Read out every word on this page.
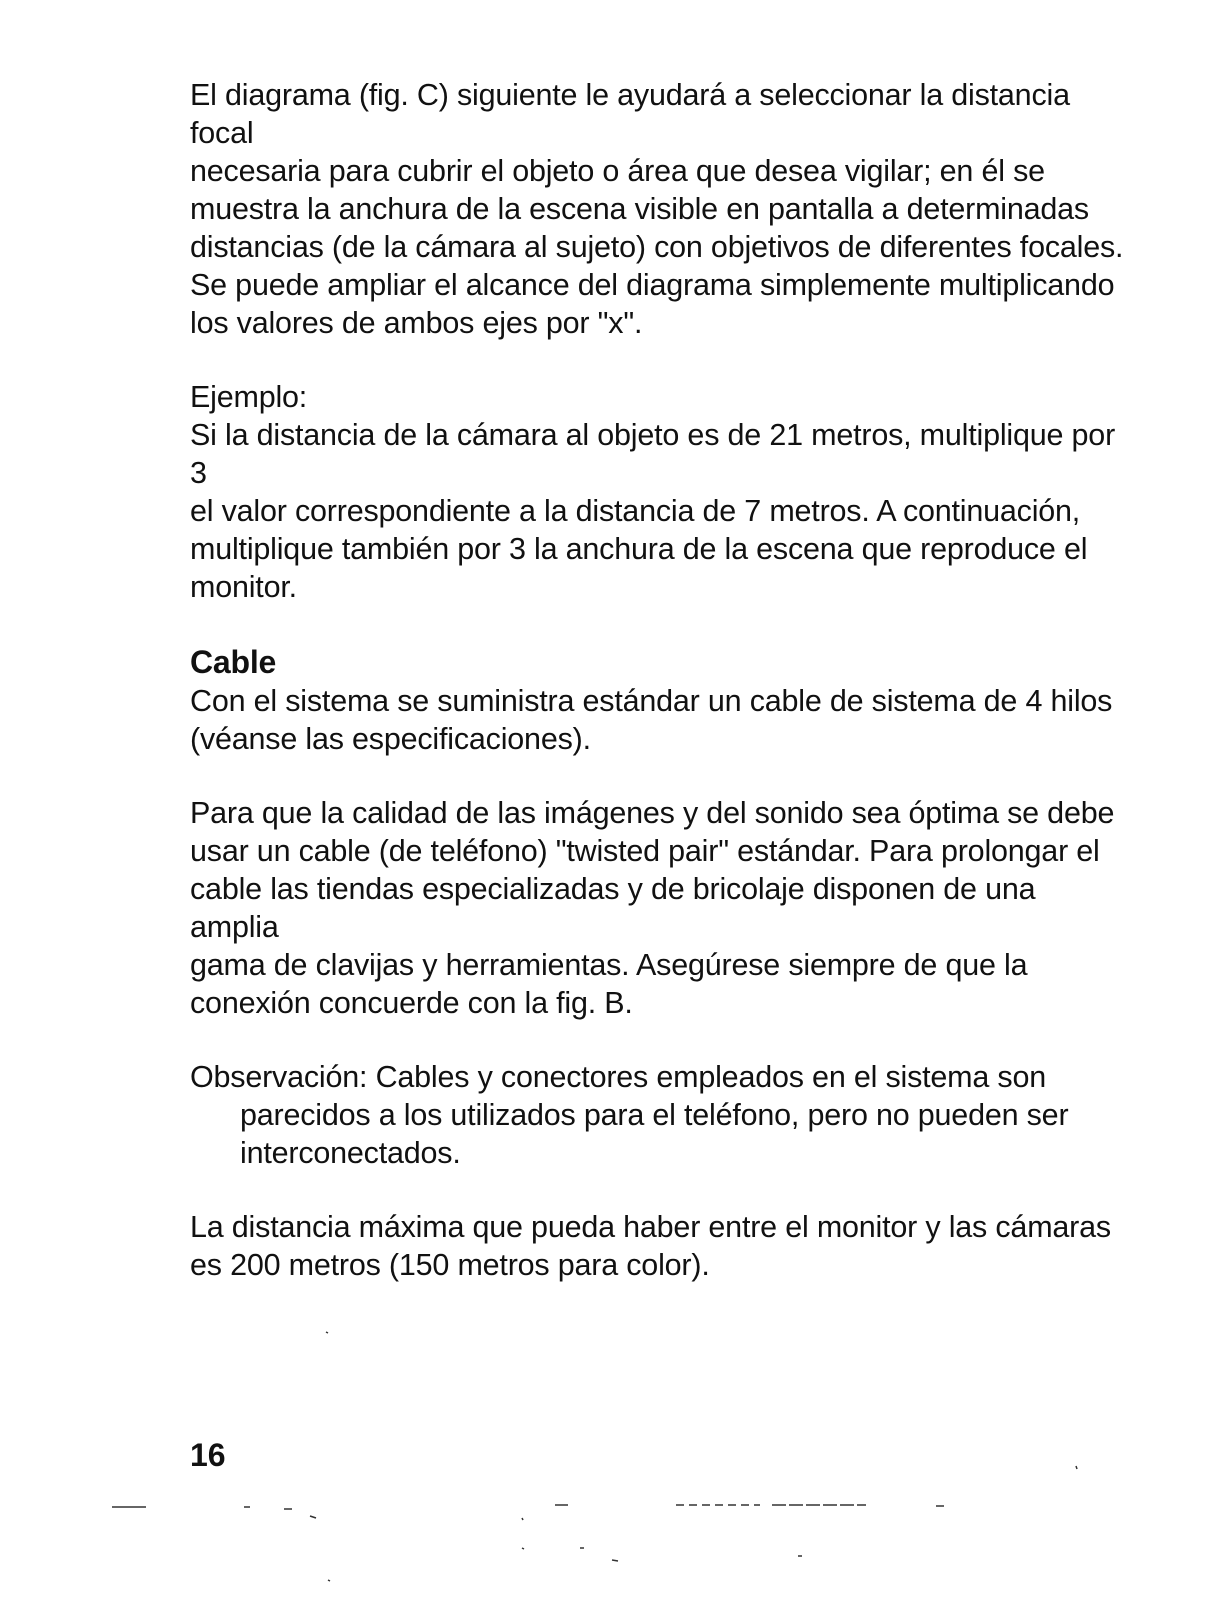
El diagrama (fig. C) siguiente le ayudará a seleccionar la distancia focal
necesaria para cubrir el objeto o área que desea vigilar; en él se
muestra la anchura de la escena visible en pantalla a determinadas
distancias (de la cámara al sujeto) con objetivos de diferentes focales.
Se puede ampliar el alcance del diagrama simplemente multiplicando
los valores de ambos ejes por "x".

Ejemplo:

Si la distancia de la cámara al objeto es de 21 metros, multiplique por 3
el valor correspondiente a la distancia de 7 metros. A continuación,
multiplique también por 3 la anchura de la escena que reproduce el
monitor.

Cable

Con el sistema se suministra estándar un cable de sistema de 4 hilos
(véanse las especificaciones).

Para que la calidad de las imágenes y del sonido sea óptima se debe
usar un cable (de teléfono) "twisted pair" estándar. Para prolongar el
cable las tiendas especializadas y de bricolaje disponen de una amplia
gama de clavijas y herramientas. Asegúrese siempre de que la
conexión concuerde con la fig. B.

Observación: Cables y conectores empleados en el sistema son
parecidos a los utilizados para el teléfono, pero no pueden ser
interconectados.

La distancia máxima que pueda haber entre el monitor y las cámaras
es 200 metros (150 metros para color).

16
